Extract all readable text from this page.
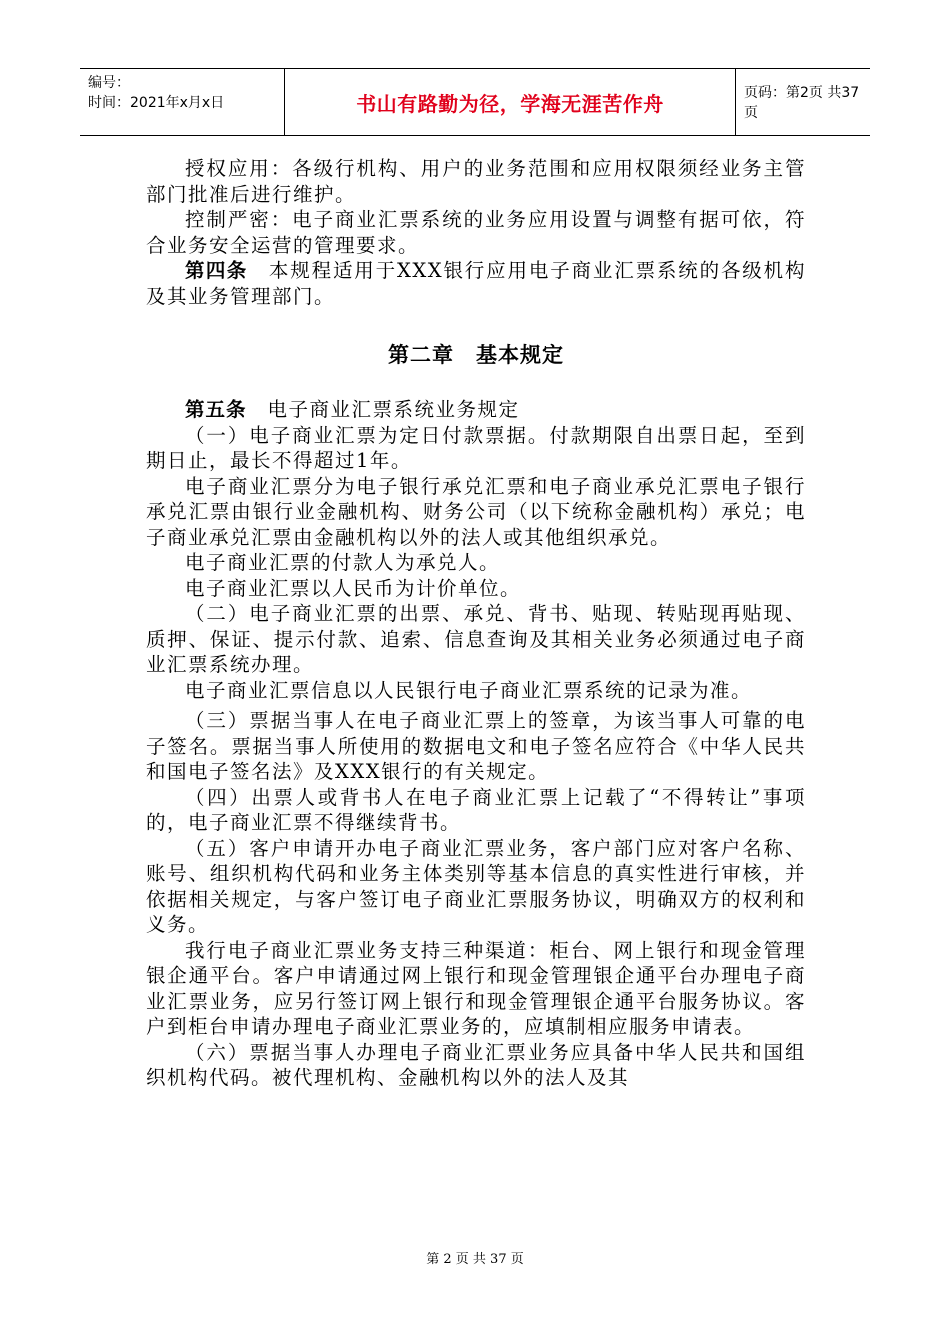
编号：
时间：2021年x月x日	书山有路勤为径，学海无涯苦作舟	页码：第2页 共37页

授权应用：各级行机构、用户的业务范围和应用权限须经业务主管部门批准后进行维护。

控制严密：电子商业汇票系统的业务应用设置与调整有据可依，符合业务安全运营的管理要求。

第四条　 本规程适用于XXX银行应用电子商业汇票系统的各级机构及其业务管理部门。

第二章　基本规定

第五条　 电子商业汇票系统业务规定

（一）电子商业汇票为定日付款票据。付款期限自出票日起，至到期日止，最长不得超过1年。

电子商业汇票分为电子银行承兑汇票和电子商业承兑汇票电子银行承兑汇票由银行业金融机构、财务公司（以下统称金融机构）承兑；电子商业承兑汇票由金融机构以外的法人或其他组织承兑。

电子商业汇票的付款人为承兑人。

电子商业汇票以人民币为计价单位。

（二）电子商业汇票的出票、承兑、背书、贴现、转贴现再贴现、质押、保证、提示付款、追索、信息查询及其相关业务必须通过电子商业汇票系统办理。

电子商业汇票信息以人民银行电子商业汇票系统的记录为准。

（三）票据当事人在电子商业汇票上的签章，为该当事人可靠的电子签名。票据当事人所使用的数据电文和电子签名应符合《中华人民共和国电子签名法》及XXX银行的有关规定。

（四）出票人或背书人在电子商业汇票上记载了“不得转让”事项的，电子商业汇票不得继续背书。

（五）客户申请开办电子商业汇票业务，客户部门应对客户名称、账号、组织机构代码和业务主体类别等基本信息的真实性进行审核，并依据相关规定，与客户签订电子商业汇票服务协议，明确双方的权利和义务。

我行电子商业汇票业务支持三种渠道：柜台、网上银行和现金管理银企通平台。客户申请通过网上银行和现金管理银企通平台办理电子商业汇票业务，应另行签订网上银行和现金管理银企通平台服务协议。客户到柜台申请办理电子商业汇票业务的，应填制相应服务申请表。

（六）票据当事人办理电子商业汇票业务应具备中华人民共和国组织机构代码。被代理机构、金融机构以外的法人及其

第 2 页 共 37 页
